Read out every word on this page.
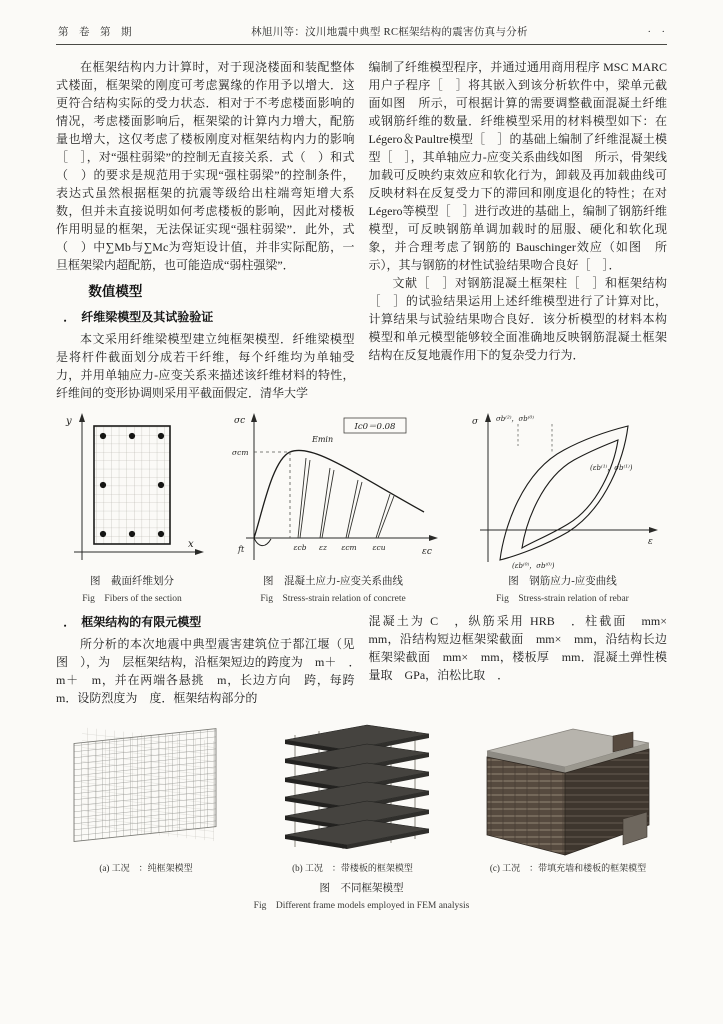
第　卷　第　期	林旭川等：汶川地震中典型 RC框架结构的震害仿真与分析	·　·

在框架结构内力计算时，对于现浇楼面和装配整体式楼面，框架梁的刚度可考虑翼缘的作用予以增大．这更符合结构实际的受力状态．相对于不考虑楼面影响的情况，考虑楼面影响后，框架梁的计算内力增大，配筋量也增大，这仅考虑了楼板刚度对框架结构内力的影响［　］，对“强柱弱梁”的控制无直接关系．式（　）和式（　）的要求是规范用于实现“强柱弱梁”的控制条件，表达式虽然根据框架的抗震等级给出柱端弯矩增大系数，但并未直接说明如何考虑楼板的影响，因此对楼板作用明显的框架，无法保证实现“强柱弱梁”．此外，式（　）中∑Mb与∑Mc为弯矩设计值，并非实际配筋，一旦框架梁内超配筋，也可能造成“弱柱强梁”．

数值模型
．　纤维梁模型及其试验验证

本文采用纤维梁模型建立纯框架模型．纤维梁模型是将杆件截面划分成若干纤维，每个纤维均为单轴受力，并用单轴应力-应变关系来描述该纤维材料的特性，纤维间的变形协调则采用平截面假定．清华大学

编制了纤维模型程序，并通过通用商用程序 MSC MARC用户子程序［　］将其嵌入到该分析软件中，梁单元截面如图　所示，可根据计算的需要调整截面混凝土纤维或钢筋纤维的数量．纤维模型采用的材料模型如下：在 Légero＆Paultre模型［　］的基础上编制了纤维混凝土模型［　］，其单轴应力-应变关系曲线如图　所示，骨架线加载可反映约束效应和软化行为，卸载及再加载曲线可反映材料在反复受力下的滞回和刚度退化的特性；在对 Légero等模型［　］进行改进的基础上，编制了钢筋纤维模型，可反映钢筋单调加载时的屈服、硬化和软化现象，并合理考虑了钢筋的 Bauschinger效应（如图　所示），其与钢筋的材性试验结果吻合良好［　］．

文献［　］对钢筋混凝土框架柱［　］和框架结构［　］的试验结果运用上述纤维模型进行了计算对比，计算结果与试验结果吻合良好．该分析模型的材料本构模型和单元模型能够较全面准确地反映钢筋混凝土框架结构在反复地震作用下的复杂受力行为．

y
x
图　截面纤维划分
Fig　Fibers of the section
σc
εc
Ic0＝0.08
Emin
σcm
ft	εcb εz εcm εcu
图　混凝土应力-应变关系曲线
Fig　Stress-strain relation of concrete
σ
ε
σb⁽²⁾，σb⁽⁰⁾
(εb⁽¹⁾，σb⁽¹⁾)
(εb⁽⁰⁾，σb⁽⁰⁾)
图　钢筋应力-应变曲线
Fig　Stress-strain relation of rebar
．　框架结构的有限元模型

所分析的本次地震中典型震害建筑位于都江堰（见图　），为　层框架结构，沿框架短边的跨度为　m＋　．　m＋　m，并在两端各悬挑　m，长边方向　跨，每跨　m．设防烈度为　度．框架结构部分的

混凝土为 C　，纵筋采用 HRB　．柱截面　mm×　mm，沿结构短边框架梁截面　mm×　mm，沿结构长边框架梁截面　mm×　mm，楼板厚　mm．混凝土弹性模量取　GPa，泊松比取　．

(a) 工况　：纯框架模型	(b) 工况　：带楼板的框架模型	(c) 工况　：带填充墙和楼板的框架模型
图　不同框架模型
Fig　Different frame models employed in FEM analysis
